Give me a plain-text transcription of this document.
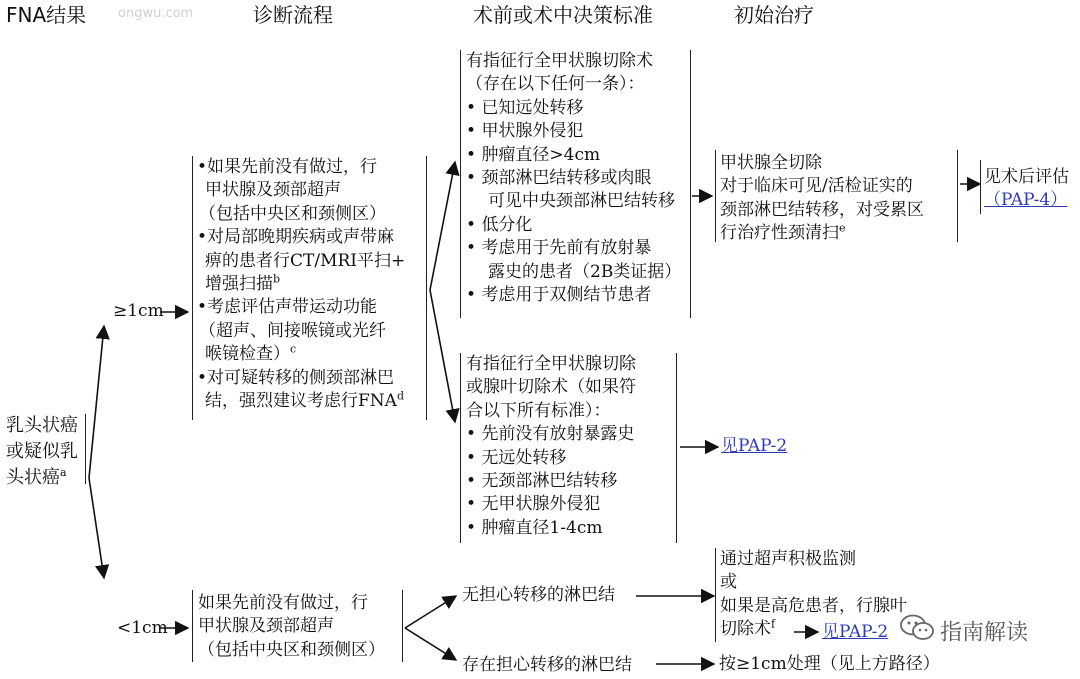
FNA结果 ongwu.com	诊断流程	术前或术中决策标准	初始治疗
乳头状癌
或疑似乳
头状癌$^a$
≥1cm
<1cm
•如果先前没有做过，行
甲状腺及颈部超声
（包括中央区和颈侧区）
•对局部晚期疾病或声带麻
痹的患者行CT/MRI平扫+
增强扫描$^b$
•考虑评估声带运动功能
（超声、间接喉镜或光纤
喉镜检查）$^c$
•对可疑转移的侧颈部淋巴
结，强烈建议考虑行FNA$^d$
有指征行全甲状腺切除术
（存在以下任何一条）：
• 已知远处转移
• 甲状腺外侵犯
• 肿瘤直径>4cm
• 颈部淋巴结转移或肉眼
可见中央颈部淋巴结转移
• 低分化
• 考虑用于先前有放射暴
露史的患者（2B类证据）
• 考虑用于双侧结节患者
有指征行全甲状腺切除
或腺叶切除术（如果符
合以下所有标准）：
• 先前没有放射暴露史
• 无远处转移
• 无颈部淋巴结转移
• 无甲状腺外侵犯
• 肿瘤直径1-4cm
甲状腺全切除
对于临床可见/活检证实的
颈部淋巴结转移，对受累区
行治疗性颈清扫$^e$
见术后评估
（PAP-4）
见PAP-2
如果先前没有做过，行
甲状腺及颈部超声
（包括中央区和颈侧区）
无担心转移的淋巴结
存在担心转移的淋巴结
通过超声积极监测
或
如果是高危患者，行腺叶
切除术$^f$	见PAP-2
按≥1cm处理（见上方路径）
指南解读
